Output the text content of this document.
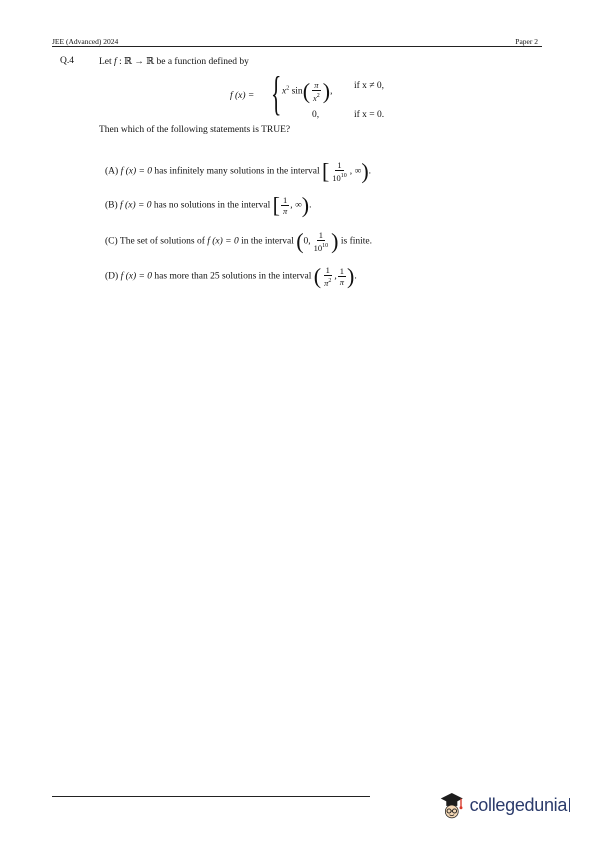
JEE (Advanced) 2024	Paper 2
Q.4	Let f : ℝ → ℝ be a function defined by
f (x) = { $x^2$ $\sin( \frac{\pi}{x^2}$ ),
0,
if x ≠ 0,
if x = 0.
Then which of the following statements is TRUE?
(A) f (x) = 0 has infinitely many solutions in the interval [ $\frac{1}{10^{10}}$ , ∞).
(B) f (x) = 0 has no solutions in the interval [ $\frac{1}{\pi}$ , ∞).
(C) The set of solutions of f (x) = 0 in the interval (0, $\frac{1}{10^{10}}$ ) is finite.
(D) f (x) = 0 has more than 25 solutions in the interval ( $\frac{1}{\pi^2}$ , $\frac{1}{\pi}$ ).
collegedunia
